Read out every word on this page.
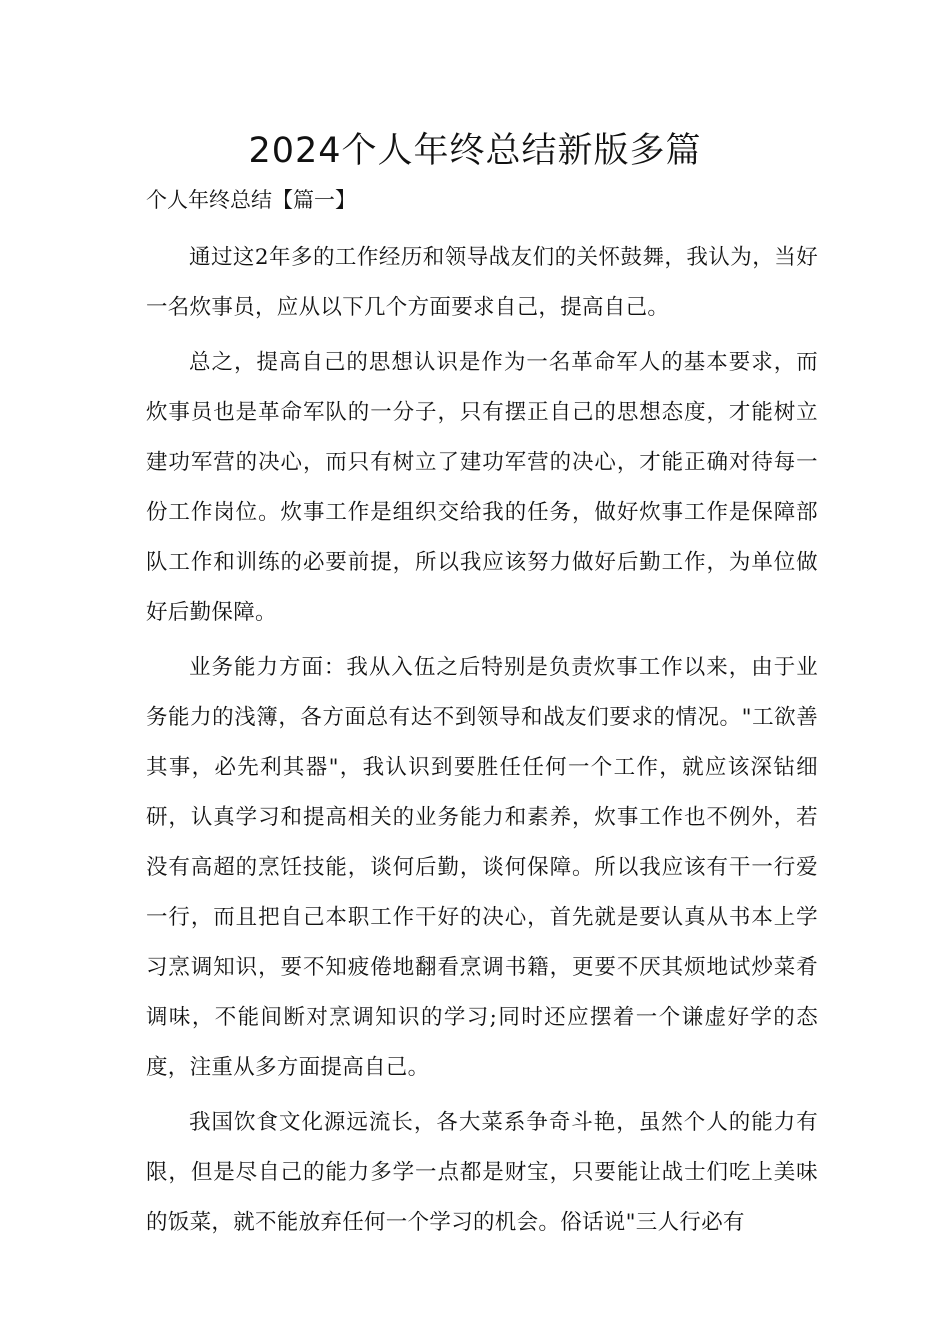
2024个人年终总结新版多篇

个人年终总结【篇一】

通过这2年多的工作经历和领导战友们的关怀鼓舞，我认为，当好一名炊事员，应从以下几个方面要求自己，提高自己。

总之，提高自己的思想认识是作为一名革命军人的基本要求，而炊事员也是革命军队的一分子，只有摆正自己的思想态度，才能树立建功军营的决心，而只有树立了建功军营的决心，才能正确对待每一份工作岗位。炊事工作是组织交给我的任务，做好炊事工作是保障部队工作和训练的必要前提，所以我应该努力做好后勤工作，为单位做好后勤保障。

业务能力方面：我从入伍之后特别是负责炊事工作以来，由于业务能力的浅簿，各方面总有达不到领导和战友们要求的情况。"工欲善其事，必先利其器"，我认识到要胜任任何一个工作，就应该深钻细研，认真学习和提高相关的业务能力和素养，炊事工作也不例外，若没有高超的烹饪技能，谈何后勤，谈何保障。所以我应该有干一行爱一行，而且把自己本职工作干好的决心，首先就是要认真从书本上学习烹调知识，要不知疲倦地翻看烹调书籍，更要不厌其烦地试炒菜肴调味，不能间断对烹调知识的学习;同时还应摆着一个谦虚好学的态度，注重从多方面提高自己。

我国饮食文化源远流长，各大菜系争奇斗艳，虽然个人的能力有限，但是尽自己的能力多学一点都是财宝，只要能让战士们吃上美味的饭菜，就不能放弃任何一个学习的机会。俗话说"三人行必有
